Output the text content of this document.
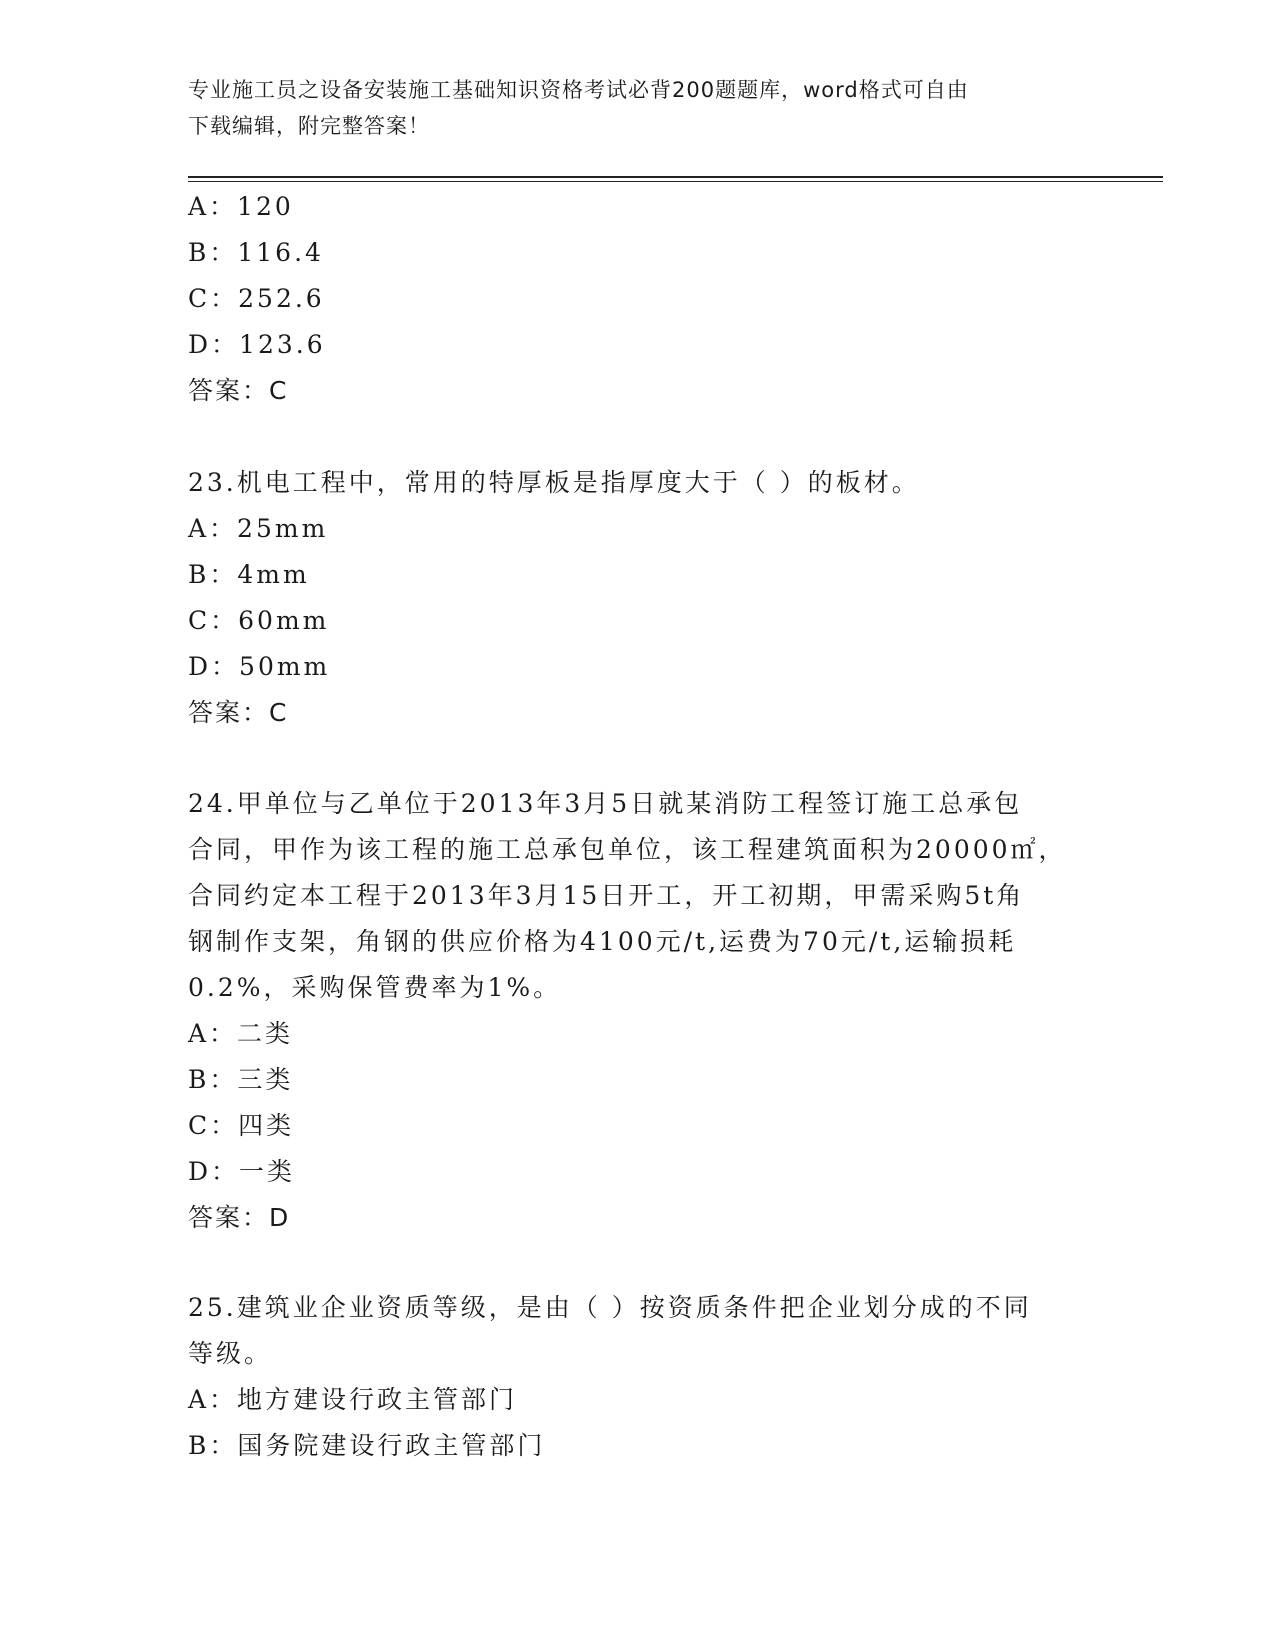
专业施工员之设备安装施工基础知识资格考试必背200题题库，word格式可自由
下载编辑，附完整答案！
A：120
B：116.4
C：252.6
D：123.6
答案：C
23.机电工程中，常用的特厚板是指厚度大于（ ）的板材。
A：25mm
B：4mm
C：60mm
D：50mm
答案：C
24.甲单位与乙单位于2013年3月5日就某消防工程签订施工总承包
合同，甲作为该工程的施工总承包单位，该工程建筑面积为20000㎡，
合同约定本工程于2013年3月15日开工，开工初期，甲需采购5t角
钢制作支架，角钢的供应价格为4100元/t,运费为70元/t,运输损耗
0.2%，采购保管费率为1%。
A：二类
B：三类
C：四类
D：一类
答案：D
25.建筑业企业资质等级，是由（ ）按资质条件把企业划分成的不同
等级。
A：地方建设行政主管部门
B：国务院建设行政主管部门
